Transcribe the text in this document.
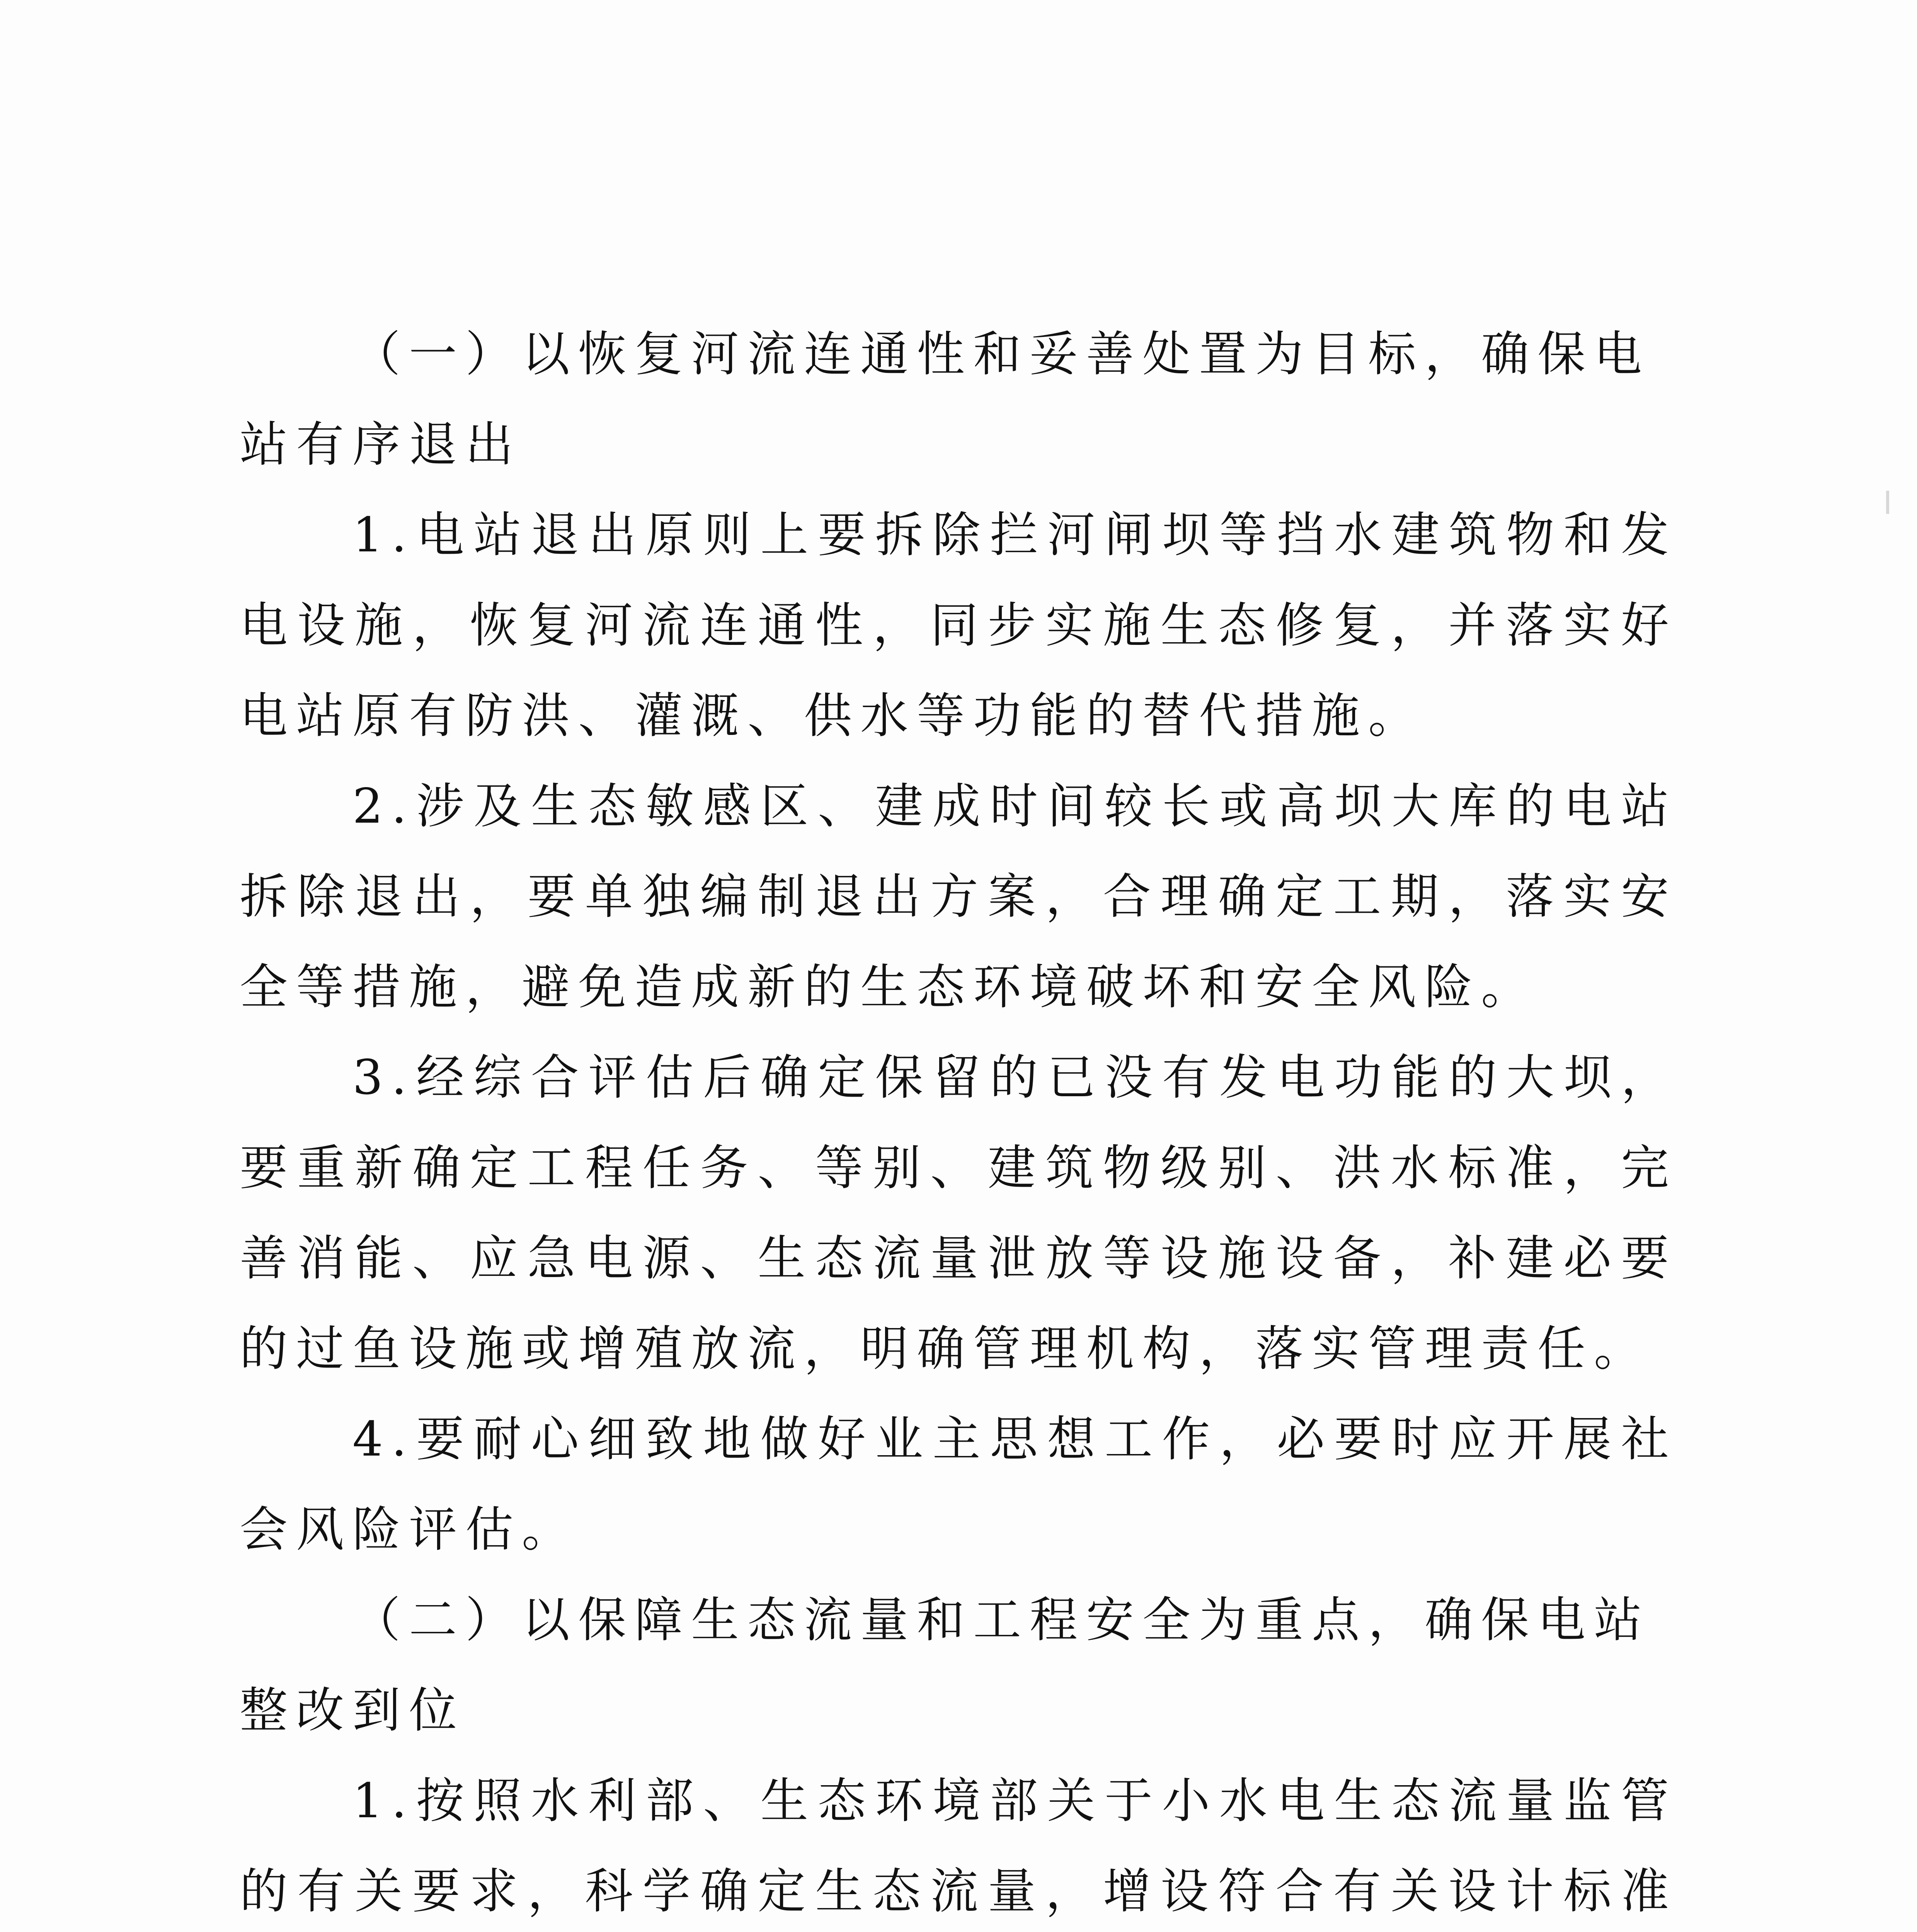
（一）以恢复河流连通性和妥善处置为目标，确保电站有序退出

1.电站退出原则上要拆除拦河闸坝等挡水建筑物和发电设施，恢复河流连通性，同步实施生态修复，并落实好电站原有防洪、灌溉、供水等功能的替代措施。

2.涉及生态敏感区、建成时间较长或高坝大库的电站拆除退出，要单独编制退出方案，合理确定工期，落实安全等措施，避免造成新的生态环境破坏和安全风险。

3.经综合评估后确定保留的已没有发电功能的大坝，要重新确定工程任务、等别、建筑物级别、洪水标准，完善消能、应急电源、生态流量泄放等设施设备，补建必要的过鱼设施或增殖放流，明确管理机构，落实管理责任。

4.要耐心细致地做好业主思想工作，必要时应开展社会风险评估。

（二）以保障生态流量和工程安全为重点，确保电站整改到位

1.按照水利部、生态环境部关于小水电生态流量监管的有关要求，科学确定生态流量，增设符合有关设计标准
